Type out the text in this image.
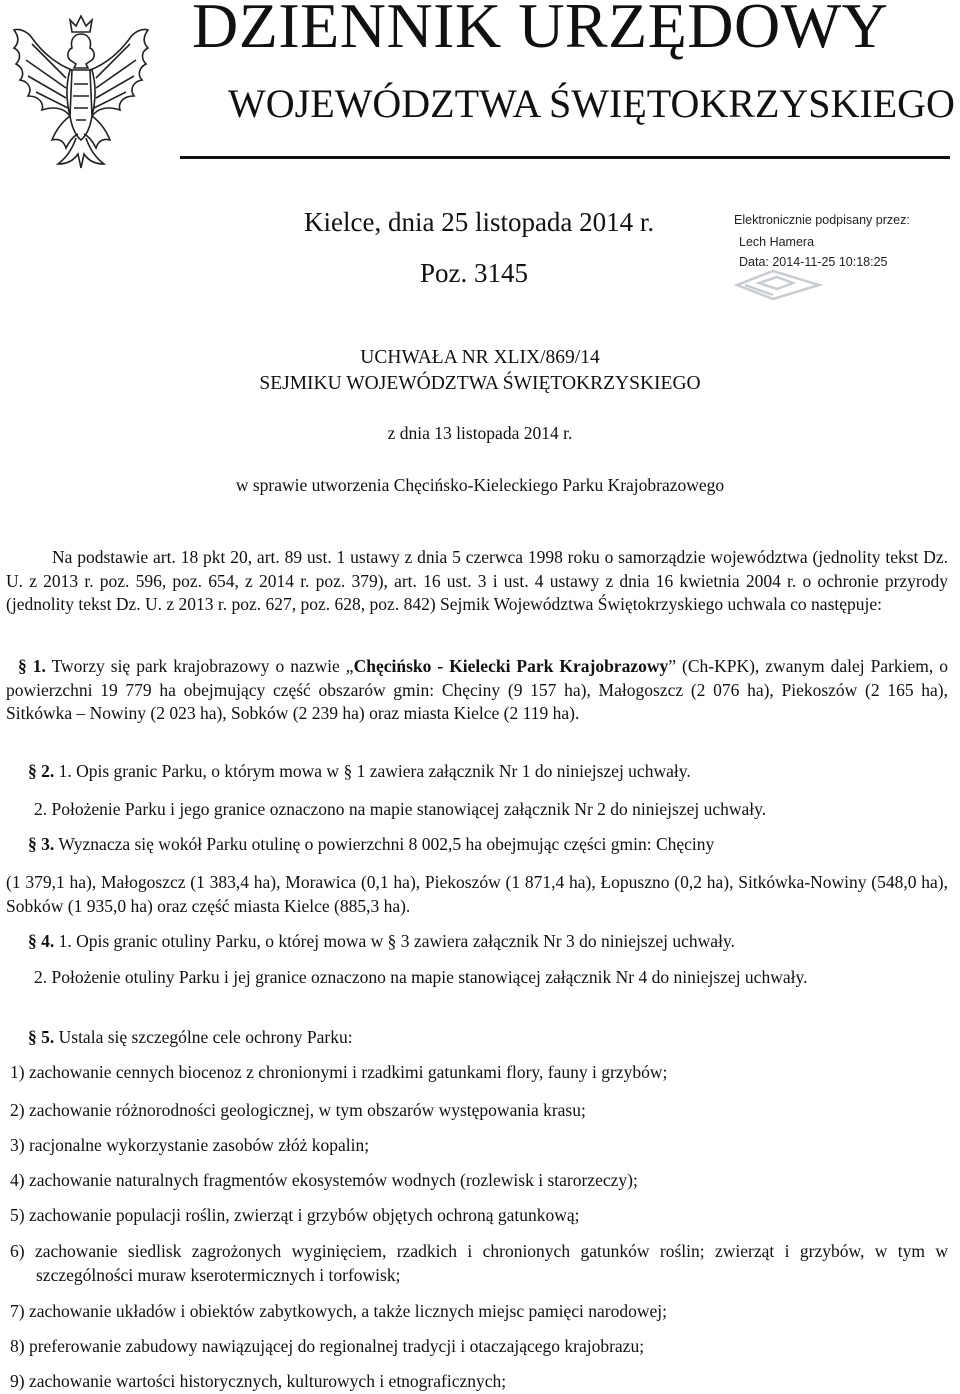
DZIENNIK URZĘDOWY
WOJEWÓDZTWA ŚWIĘTOKRZYSKIEGO
Kielce, dnia 25 listopada 2014 r.
Poz. 3145
Elektronicznie podpisany przez:
Lech Hamera
Data: 2014-11-25 10:18:25
UCHWAŁA NR XLIX/869/14
SEJMIKU WOJEWÓDZTWA ŚWIĘTOKRZYSKIEGO
z dnia 13 listopada 2014 r.
w sprawie utworzenia Chęcińsko-Kieleckiego Parku Krajobrazowego
Na podstawie art. 18 pkt 20, art. 89 ust. 1 ustawy z dnia 5 czerwca 1998 roku o samorządzie województwa (jednolity tekst Dz. U. z 2013 r. poz. 596, poz. 654, z 2014 r. poz. 379), art. 16 ust. 3 i ust. 4 ustawy z dnia 16 kwietnia 2004 r. o ochronie przyrody (jednolity tekst Dz. U. z 2013 r. poz. 627, poz. 628, poz. 842) Sejmik Województwa Świętokrzyskiego uchwala co następuje:
§ 1. Tworzy się park krajobrazowy o nazwie „Chęcińsko - Kielecki Park Krajobrazowy” (Ch-KPK), zwanym dalej Parkiem, o powierzchni 19 779 ha obejmujący część obszarów gmin: Chęciny (9 157 ha), Małogoszcz (2 076 ha), Piekoszów (2 165 ha), Sitkówka – Nowiny (2 023 ha), Sobków (2 239 ha) oraz miasta Kielce (2 119 ha).
§ 2. 1. Opis granic Parku, o którym mowa w § 1 zawiera załącznik Nr 1 do niniejszej uchwały.
2. Położenie Parku i jego granice oznaczono na mapie stanowiącej załącznik Nr 2 do niniejszej uchwały.
§ 3. Wyznacza się wokół Parku otulinę o powierzchni 8 002,5 ha obejmując części gmin: Chęciny
(1 379,1 ha), Małogoszcz (1 383,4 ha), Morawica (0,1 ha), Piekoszów (1 871,4 ha), Łopuszno (0,2 ha), Sitkówka-Nowiny (548,0 ha), Sobków (1 935,0 ha) oraz część miasta Kielce (885,3 ha).
§ 4. 1. Opis granic otuliny Parku, o której mowa w § 3 zawiera załącznik Nr 3 do niniejszej uchwały.
2. Położenie otuliny Parku i jej granice oznaczono na mapie stanowiącej załącznik Nr 4 do niniejszej uchwały.
§ 5. Ustala się szczególne cele ochrony Parku:
1) zachowanie cennych biocenoz z chronionymi i rzadkimi gatunkami flory, fauny i grzybów;
2) zachowanie różnorodności geologicznej, w tym obszarów występowania krasu;
3) racjonalne wykorzystanie zasobów złóż kopalin;
4) zachowanie naturalnych fragmentów ekosystemów wodnych (rozlewisk i starorzeczy);
5) zachowanie populacji roślin, zwierząt i grzybów objętych ochroną gatunkową;
6) zachowanie siedlisk zagrożonych wyginięciem, rzadkich i chronionych gatunków roślin; zwierząt i grzybów, w tym w szczególności muraw kserotermicznych i torfowisk;
7) zachowanie układów i obiektów zabytkowych, a także licznych miejsc pamięci narodowej;
8) preferowanie zabudowy nawiązującej do regionalnej tradycji i otaczającego krajobrazu;
9) zachowanie wartości historycznych, kulturowych i etnograficznych;
